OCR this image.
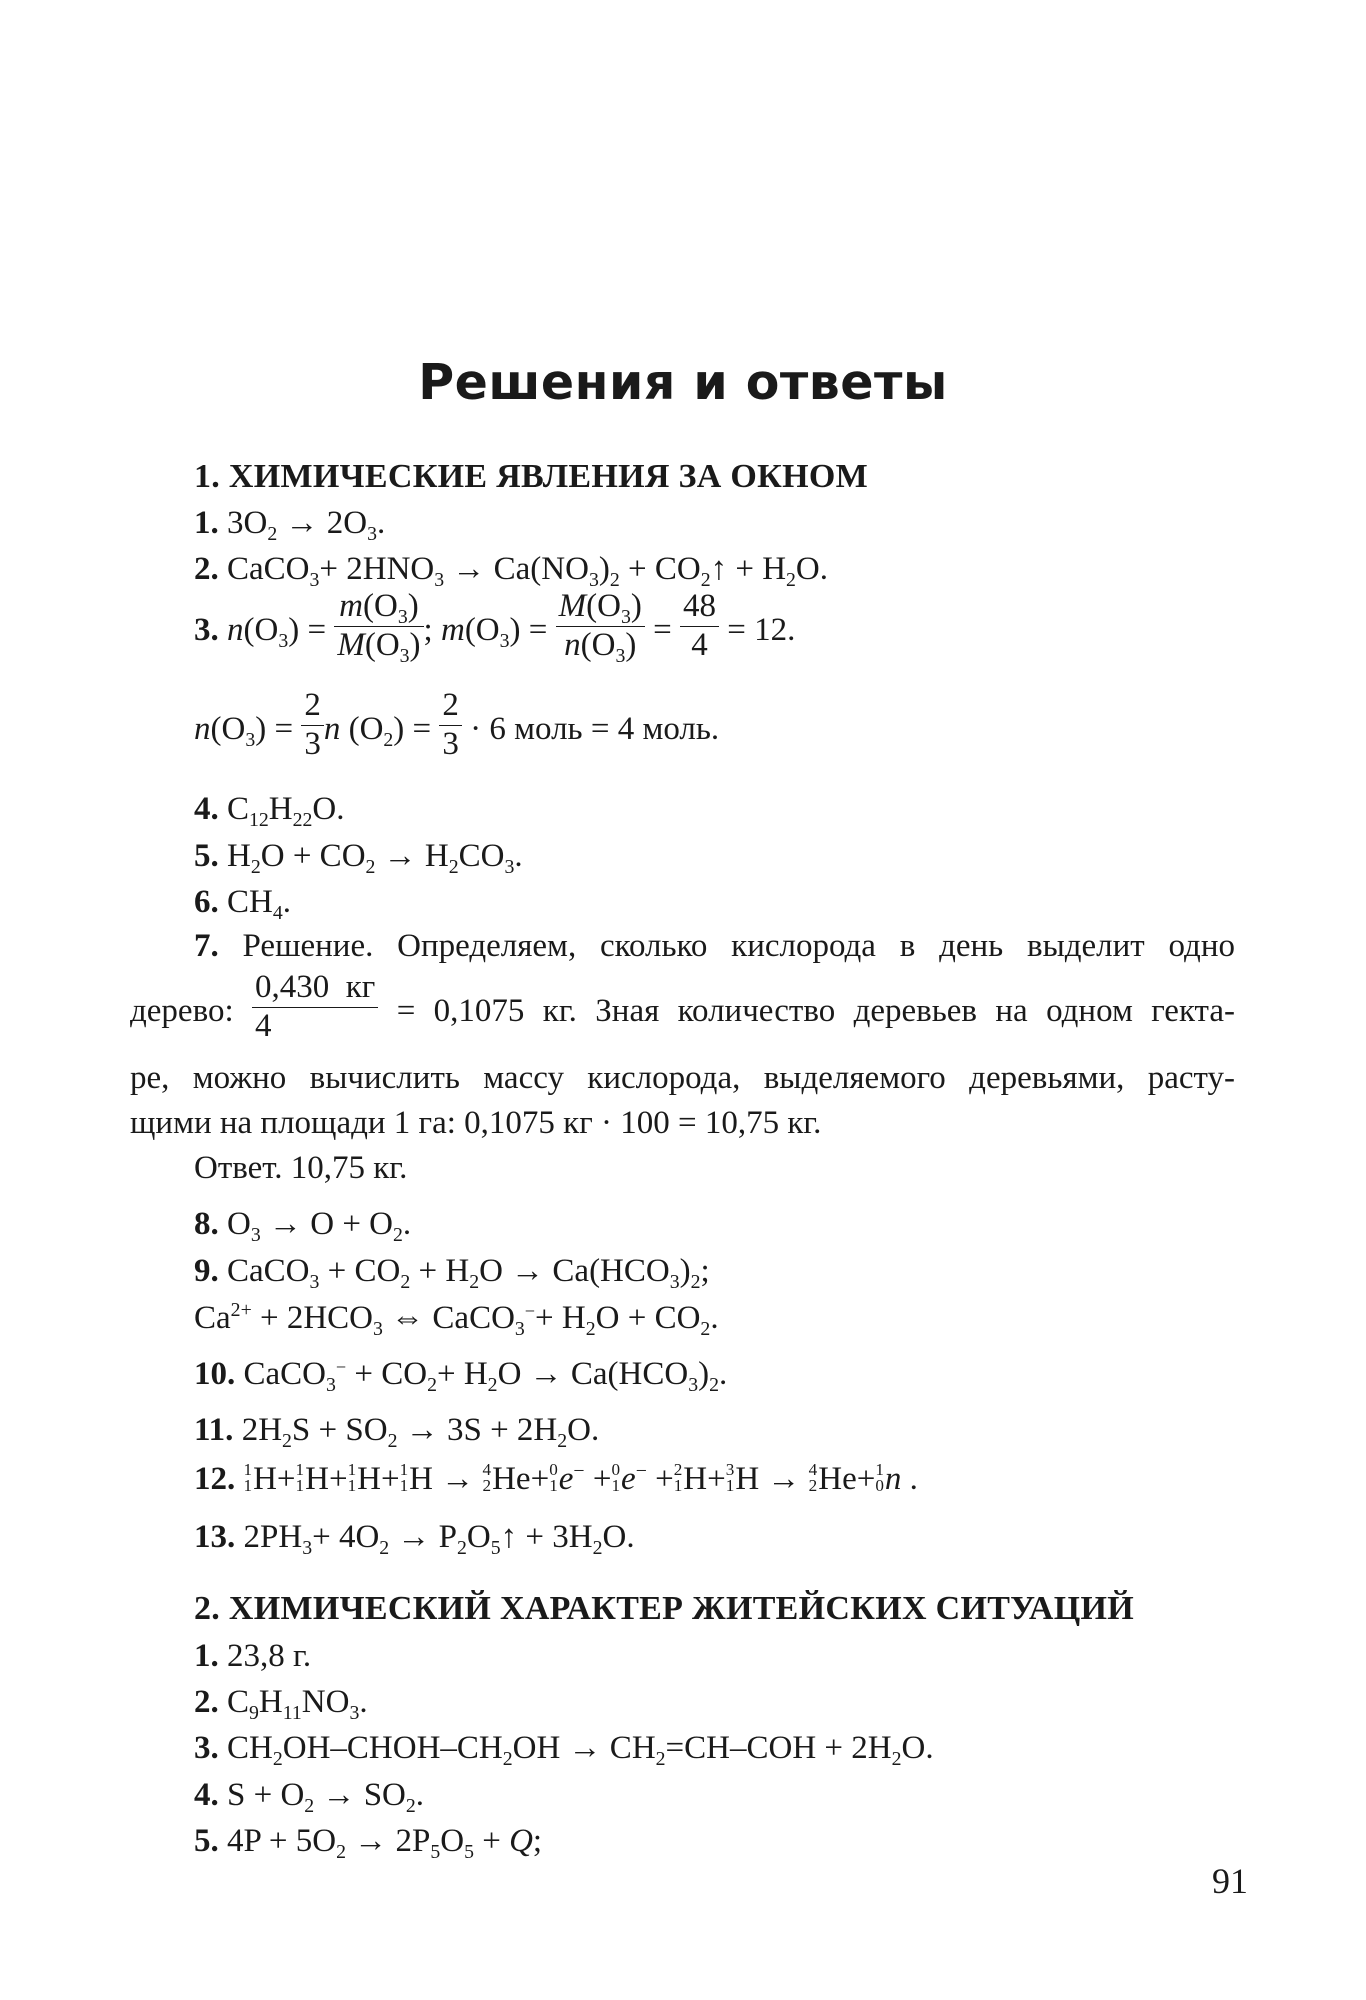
Решения и ответы
1. ХИМИЧЕСКИЕ ЯВЛЕНИЯ ЗА ОКНОМ
1. $3O_2 \to 2O_3$.
2. CaCO$_3$+ $2HNO_3 \to Ca(NO_3)_2$ + $CO_2↑ + H_2O$.
3. $n(O_3) = \frac{m(O_3)}{M(O_3)}$ ; $m(O_3) = \frac{M(O_3)}{n(O_3)} = \frac{48}{4} = 12$.
$n(O_3) = \frac{2}{3}$ n $(O_2) = \frac{2}{3} \cdot 6$ моль = 4 моль.
4. $C_{12}H_{22}O$.
5. $H_2O + CO_2 \to H_2CO_3$.
6. $CH_4$.
7. Решение. Определяем, сколько кислорода в день выделит одно
дерево: $\frac{0,430 кг}{4} = 0,1075$ кг. Зная количество деревьев на одном гекта-
ре, можно вычислить массу кислорода, выделяемого деревьями, расту-
щими на площади 1 га: 0,1075 кг · 100 = 10,75 кг.
Ответ. 10,75 кг.
8. $O_3 \to O + O_2$.
9. CaCO$_3$ + $CO_2 + H_2O \to Ca(HCO_3)_2$;
$Ca^{2+} + 2HCO_3$ ⇔ CaCO$_3$−+ $H_2O + CO_2$.
10. CaCO$_3$− + $CO_2+ H_2O \to Ca(HCO_3)_2$.
11. $2H_2S + SO_2 \to 3S + 2H_2O$.
12. 1
1 H+ 1
1 H+ 1
1 H+ 1
1 H → 4
2 He+ 0
1 e− + 0
1 e− + 2
1 H+ 3
1 H → 4
2 He+ 1
0 n .
13. $2PH_3+ 4O_2$ → $P_2O_5↑ + 3H_2O$.
2. ХИМИЧЕСКИЙ ХАРАКТЕР ЖИТЕЙСКИХ СИТУАЦИЙ
1. 23,8 г.
2. $C_9H_{11}NO_3$.
3. $CH_2OH-CHOH-CH_2OH \to CH_2=CH-COH + 2H_2O$.
4. $S + O_2 \to SO_2$.
5. $4P + 5O_2 \to 2P_5O_5 + Q$;
91
